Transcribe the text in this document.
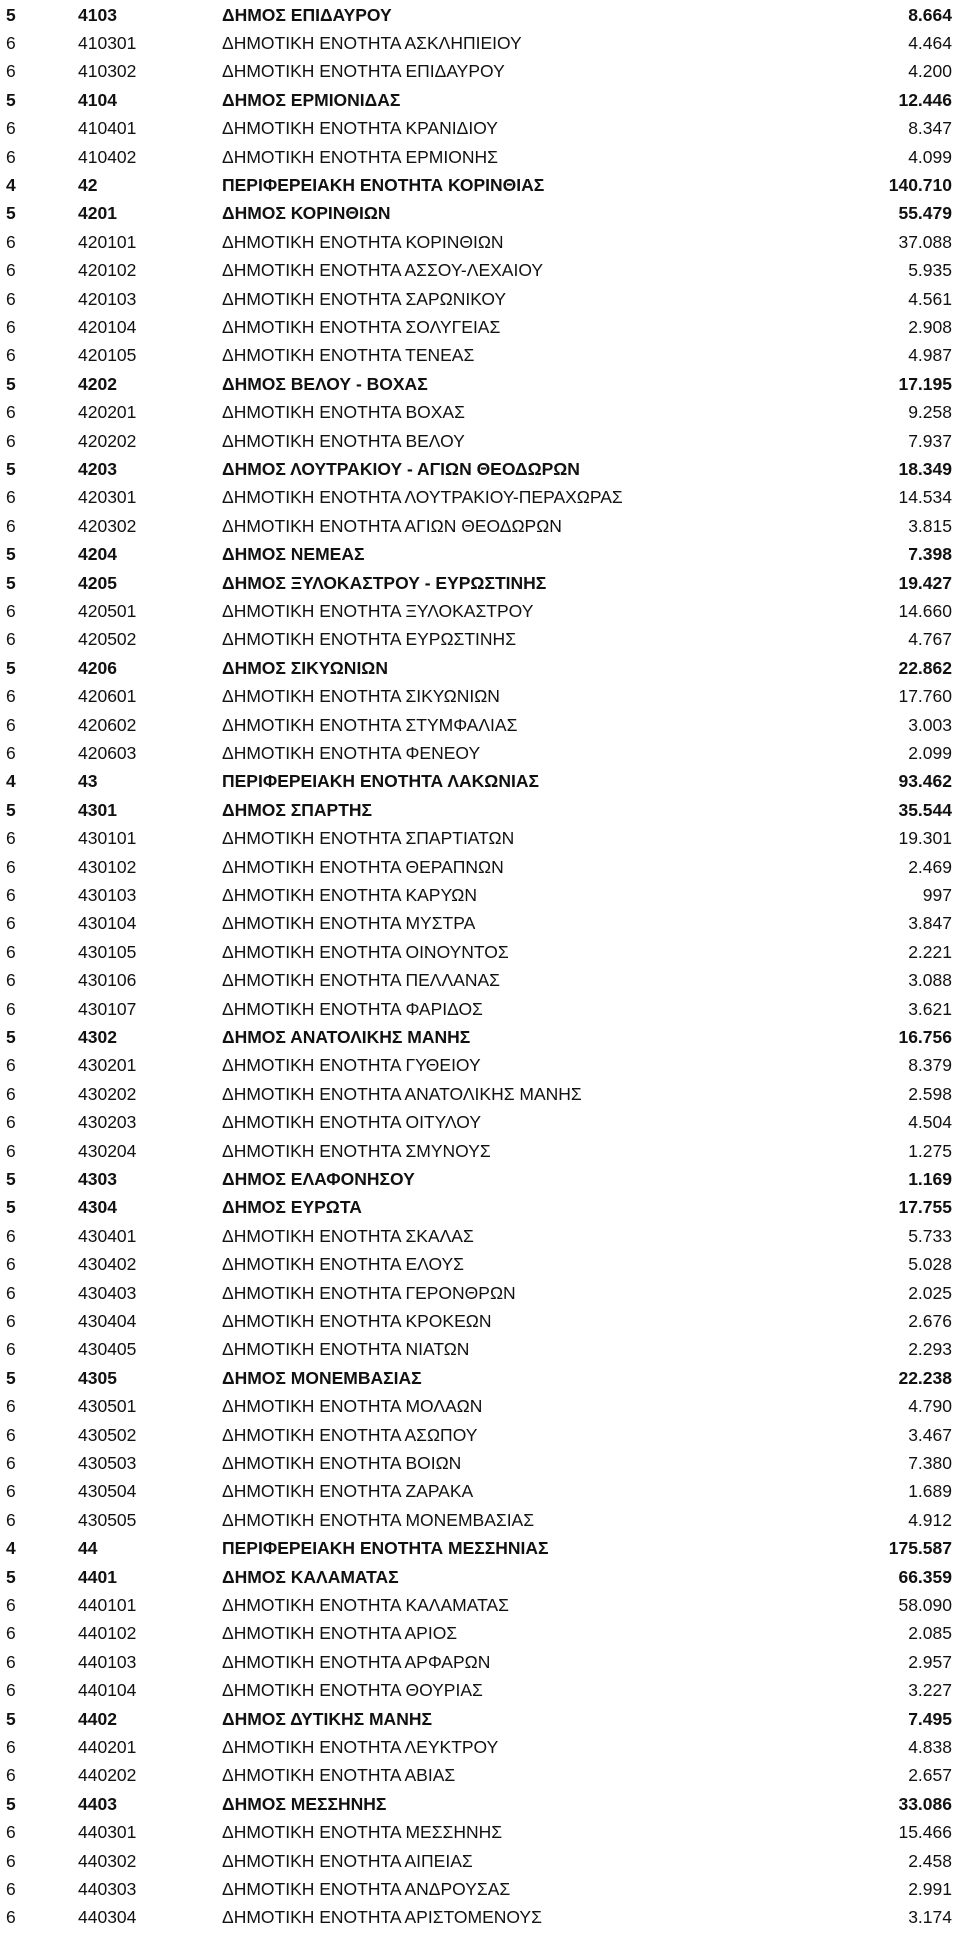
5	4103	ΔΗΜΟΣ ΕΠΙΔΑΥΡΟΥ	8.664
6	410301	ΔΗΜΟΤΙΚΗ ΕΝΟΤΗΤΑ ΑΣΚΛΗΠΙΕΙΟΥ	4.464
6	410302	ΔΗΜΟΤΙΚΗ ΕΝΟΤΗΤΑ ΕΠΙΔΑΥΡΟΥ	4.200
5	4104	ΔΗΜΟΣ ΕΡΜΙΟΝΙΔΑΣ	12.446
6	410401	ΔΗΜΟΤΙΚΗ ΕΝΟΤΗΤΑ ΚΡΑΝΙΔΙΟΥ	8.347
6	410402	ΔΗΜΟΤΙΚΗ ΕΝΟΤΗΤΑ ΕΡΜΙΟΝΗΣ	4.099
4	42	ΠΕΡΙΦΕΡΕΙΑΚΗ ΕΝΟΤΗΤΑ ΚΟΡΙΝΘΙΑΣ	140.710
5	4201	ΔΗΜΟΣ ΚΟΡΙΝΘΙΩΝ	55.479
6	420101	ΔΗΜΟΤΙΚΗ ΕΝΟΤΗΤΑ ΚΟΡΙΝΘΙΩΝ	37.088
6	420102	ΔΗΜΟΤΙΚΗ ΕΝΟΤΗΤΑ ΑΣΣΟΥ-ΛΕΧΑΙΟΥ	5.935
6	420103	ΔΗΜΟΤΙΚΗ ΕΝΟΤΗΤΑ ΣΑΡΩΝΙΚΟΥ	4.561
6	420104	ΔΗΜΟΤΙΚΗ ΕΝΟΤΗΤΑ ΣΟΛΥΓΕΙΑΣ	2.908
6	420105	ΔΗΜΟΤΙΚΗ ΕΝΟΤΗΤΑ ΤΕΝΕΑΣ	4.987
5	4202	ΔΗΜΟΣ ΒΕΛΟΥ - ΒΟΧΑΣ	17.195
6	420201	ΔΗΜΟΤΙΚΗ ΕΝΟΤΗΤΑ ΒΟΧΑΣ	9.258
6	420202	ΔΗΜΟΤΙΚΗ ΕΝΟΤΗΤΑ ΒΕΛΟΥ	7.937
5	4203	ΔΗΜΟΣ ΛΟΥΤΡΑΚΙΟΥ - ΑΓΙΩΝ ΘΕΟΔΩΡΩΝ	18.349
6	420301	ΔΗΜΟΤΙΚΗ ΕΝΟΤΗΤΑ ΛΟΥΤΡΑΚΙΟΥ-ΠΕΡΑΧΩΡΑΣ	14.534
6	420302	ΔΗΜΟΤΙΚΗ ΕΝΟΤΗΤΑ ΑΓΙΩΝ ΘΕΟΔΩΡΩΝ	3.815
5	4204	ΔΗΜΟΣ ΝΕΜΕΑΣ	7.398
5	4205	ΔΗΜΟΣ ΞΥΛΟΚΑΣΤΡΟΥ - ΕΥΡΩΣΤΙΝΗΣ	19.427
6	420501	ΔΗΜΟΤΙΚΗ ΕΝΟΤΗΤΑ ΞΥΛΟΚΑΣΤΡΟΥ	14.660
6	420502	ΔΗΜΟΤΙΚΗ ΕΝΟΤΗΤΑ ΕΥΡΩΣΤΙΝΗΣ	4.767
5	4206	ΔΗΜΟΣ ΣΙΚΥΩΝΙΩΝ	22.862
6	420601	ΔΗΜΟΤΙΚΗ ΕΝΟΤΗΤΑ ΣΙΚΥΩΝΙΩΝ	17.760
6	420602	ΔΗΜΟΤΙΚΗ ΕΝΟΤΗΤΑ ΣΤΥΜΦΑΛΙΑΣ	3.003
6	420603	ΔΗΜΟΤΙΚΗ ΕΝΟΤΗΤΑ ΦΕΝΕΟΥ	2.099
4	43	ΠΕΡΙΦΕΡΕΙΑΚΗ ΕΝΟΤΗΤΑ ΛΑΚΩΝΙΑΣ	93.462
5	4301	ΔΗΜΟΣ ΣΠΑΡΤΗΣ	35.544
6	430101	ΔΗΜΟΤΙΚΗ ΕΝΟΤΗΤΑ ΣΠΑΡΤΙΑΤΩΝ	19.301
6	430102	ΔΗΜΟΤΙΚΗ ΕΝΟΤΗΤΑ ΘΕΡΑΠΝΩΝ	2.469
6	430103	ΔΗΜΟΤΙΚΗ ΕΝΟΤΗΤΑ ΚΑΡΥΩΝ	997
6	430104	ΔΗΜΟΤΙΚΗ ΕΝΟΤΗΤΑ ΜΥΣΤΡΑ	3.847
6	430105	ΔΗΜΟΤΙΚΗ ΕΝΟΤΗΤΑ ΟΙΝΟΥΝΤΟΣ	2.221
6	430106	ΔΗΜΟΤΙΚΗ ΕΝΟΤΗΤΑ ΠΕΛΛΑΝΑΣ	3.088
6	430107	ΔΗΜΟΤΙΚΗ ΕΝΟΤΗΤΑ ΦΑΡΙΔΟΣ	3.621
5	4302	ΔΗΜΟΣ ΑΝΑΤΟΛΙΚΗΣ ΜΑΝΗΣ	16.756
6	430201	ΔΗΜΟΤΙΚΗ ΕΝΟΤΗΤΑ ΓΥΘΕΙΟΥ	8.379
6	430202	ΔΗΜΟΤΙΚΗ ΕΝΟΤΗΤΑ ΑΝΑΤΟΛΙΚΗΣ ΜΑΝΗΣ	2.598
6	430203	ΔΗΜΟΤΙΚΗ ΕΝΟΤΗΤΑ ΟΙΤΥΛΟΥ	4.504
6	430204	ΔΗΜΟΤΙΚΗ ΕΝΟΤΗΤΑ ΣΜΥΝΟΥΣ	1.275
5	4303	ΔΗΜΟΣ ΕΛΑΦΟΝΗΣΟΥ	1.169
5	4304	ΔΗΜΟΣ ΕΥΡΩΤΑ	17.755
6	430401	ΔΗΜΟΤΙΚΗ ΕΝΟΤΗΤΑ ΣΚΑΛΑΣ	5.733
6	430402	ΔΗΜΟΤΙΚΗ ΕΝΟΤΗΤΑ ΕΛΟΥΣ	5.028
6	430403	ΔΗΜΟΤΙΚΗ ΕΝΟΤΗΤΑ ΓΕΡΟΝΘΡΩΝ	2.025
6	430404	ΔΗΜΟΤΙΚΗ ΕΝΟΤΗΤΑ ΚΡΟΚΕΩΝ	2.676
6	430405	ΔΗΜΟΤΙΚΗ ΕΝΟΤΗΤΑ ΝΙΑΤΩΝ	2.293
5	4305	ΔΗΜΟΣ ΜΟΝΕΜΒΑΣΙΑΣ	22.238
6	430501	ΔΗΜΟΤΙΚΗ ΕΝΟΤΗΤΑ ΜΟΛΑΩΝ	4.790
6	430502	ΔΗΜΟΤΙΚΗ ΕΝΟΤΗΤΑ ΑΣΩΠΟΥ	3.467
6	430503	ΔΗΜΟΤΙΚΗ ΕΝΟΤΗΤΑ ΒΟΙΩΝ	7.380
6	430504	ΔΗΜΟΤΙΚΗ ΕΝΟΤΗΤΑ ΖΑΡΑΚΑ	1.689
6	430505	ΔΗΜΟΤΙΚΗ ΕΝΟΤΗΤΑ ΜΟΝΕΜΒΑΣΙΑΣ	4.912
4	44	ΠΕΡΙΦΕΡΕΙΑΚΗ ΕΝΟΤΗΤΑ ΜΕΣΣΗΝΙΑΣ	175.587
5	4401	ΔΗΜΟΣ ΚΑΛΑΜΑΤΑΣ	66.359
6	440101	ΔΗΜΟΤΙΚΗ ΕΝΟΤΗΤΑ ΚΑΛΑΜΑΤΑΣ	58.090
6	440102	ΔΗΜΟΤΙΚΗ ΕΝΟΤΗΤΑ ΑΡΙΟΣ	2.085
6	440103	ΔΗΜΟΤΙΚΗ ΕΝΟΤΗΤΑ ΑΡΦΑΡΩΝ	2.957
6	440104	ΔΗΜΟΤΙΚΗ ΕΝΟΤΗΤΑ ΘΟΥΡΙΑΣ	3.227
5	4402	ΔΗΜΟΣ ΔΥΤΙΚΗΣ ΜΑΝΗΣ	7.495
6	440201	ΔΗΜΟΤΙΚΗ ΕΝΟΤΗΤΑ ΛΕΥΚΤΡΟΥ	4.838
6	440202	ΔΗΜΟΤΙΚΗ ΕΝΟΤΗΤΑ ΑΒΙΑΣ	2.657
5	4403	ΔΗΜΟΣ ΜΕΣΣΗΝΗΣ	33.086
6	440301	ΔΗΜΟΤΙΚΗ ΕΝΟΤΗΤΑ ΜΕΣΣΗΝΗΣ	15.466
6	440302	ΔΗΜΟΤΙΚΗ ΕΝΟΤΗΤΑ ΑΙΠΕΙΑΣ	2.458
6	440303	ΔΗΜΟΤΙΚΗ ΕΝΟΤΗΤΑ ΑΝΔΡΟΥΣΑΣ	2.991
6	440304	ΔΗΜΟΤΙΚΗ ΕΝΟΤΗΤΑ ΑΡΙΣΤΟΜΕΝΟΥΣ	3.174
